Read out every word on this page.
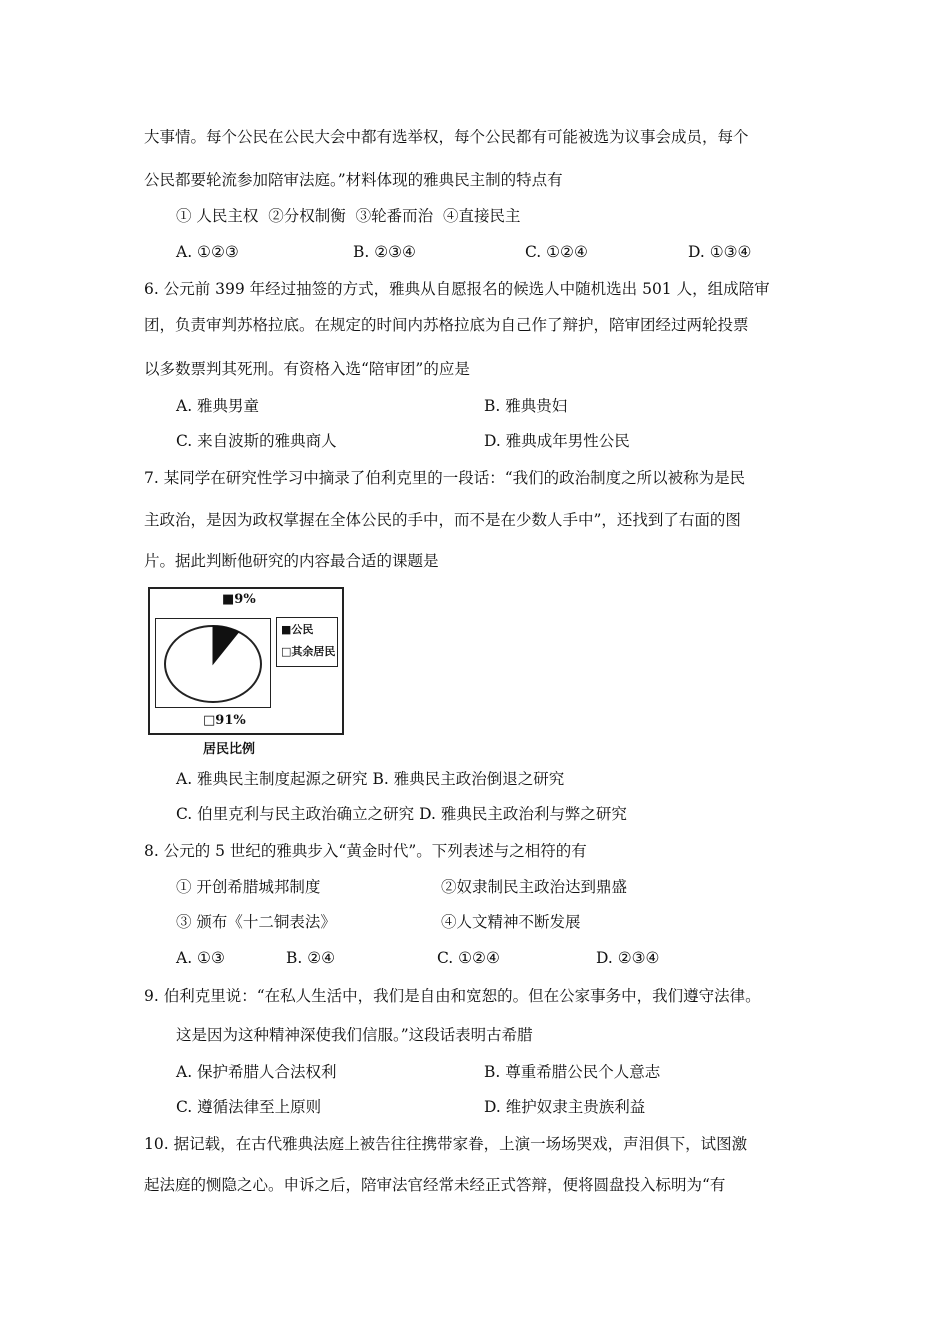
大事情。每个公民在公民大会中都有选举权，每个公民都有可能被选为议事会成员，每个
公民都要轮流参加陪审法庭。”材料体现的雅典民主制的特点有
① 人民主权  ②分权制衡  ③轮番而治  ④直接民主
A. ①②③	B. ②③④	C. ①②④	D. ①③④
6. 公元前 399 年经过抽签的方式，雅典从自愿报名的候选人中随机选出 501 人，组成陪审
团，负责审判苏格拉底。在规定的时间内苏格拉底为自己作了辩护，陪审团经过两轮投票
以多数票判其死刑。有资格入选“陪审团”的应是
A. 雅典男童	B. 雅典贵妇
C. 来自波斯的雅典商人	D. 雅典成年男性公民
7. 某同学在研究性学习中摘录了伯利克里的一段话：“我们的政治制度之所以被称为是民
主政治，是因为政权掌握在全体公民的手中，而不是在少数人手中”，还找到了右面的图
片。据此判断他研究的内容最合适的课题是
■9%
■公民
□其余居民
□91%
居民比例
A. 雅典民主制度起源之研究 B. 雅典民主政治倒退之研究
C. 伯里克利与民主政治确立之研究 D. 雅典民主政治利与弊之研究
8. 公元的 5 世纪的雅典步入“黄金时代”。下列表述与之相符的有
① 开创希腊城邦制度	②奴隶制民主政治达到鼎盛
③ 颁布《十二铜表法》	④人文精神不断发展
A. ①③	B. ②④	C. ①②④	D. ②③④
9. 伯利克里说：“在私人生活中，我们是自由和宽恕的。但在公家事务中，我们遵守法律。
这是因为这种精神深使我们信服。”这段话表明古希腊
A. 保护希腊人合法权利	B. 尊重希腊公民个人意志
C. 遵循法律至上原则	D. 维护奴隶主贵族利益
10. 据记载，在古代雅典法庭上被告往往携带家眷，上演一场场哭戏，声泪俱下，试图激
起法庭的恻隐之心。申诉之后，陪审法官经常未经正式答辩，便将圆盘投入标明为“有
